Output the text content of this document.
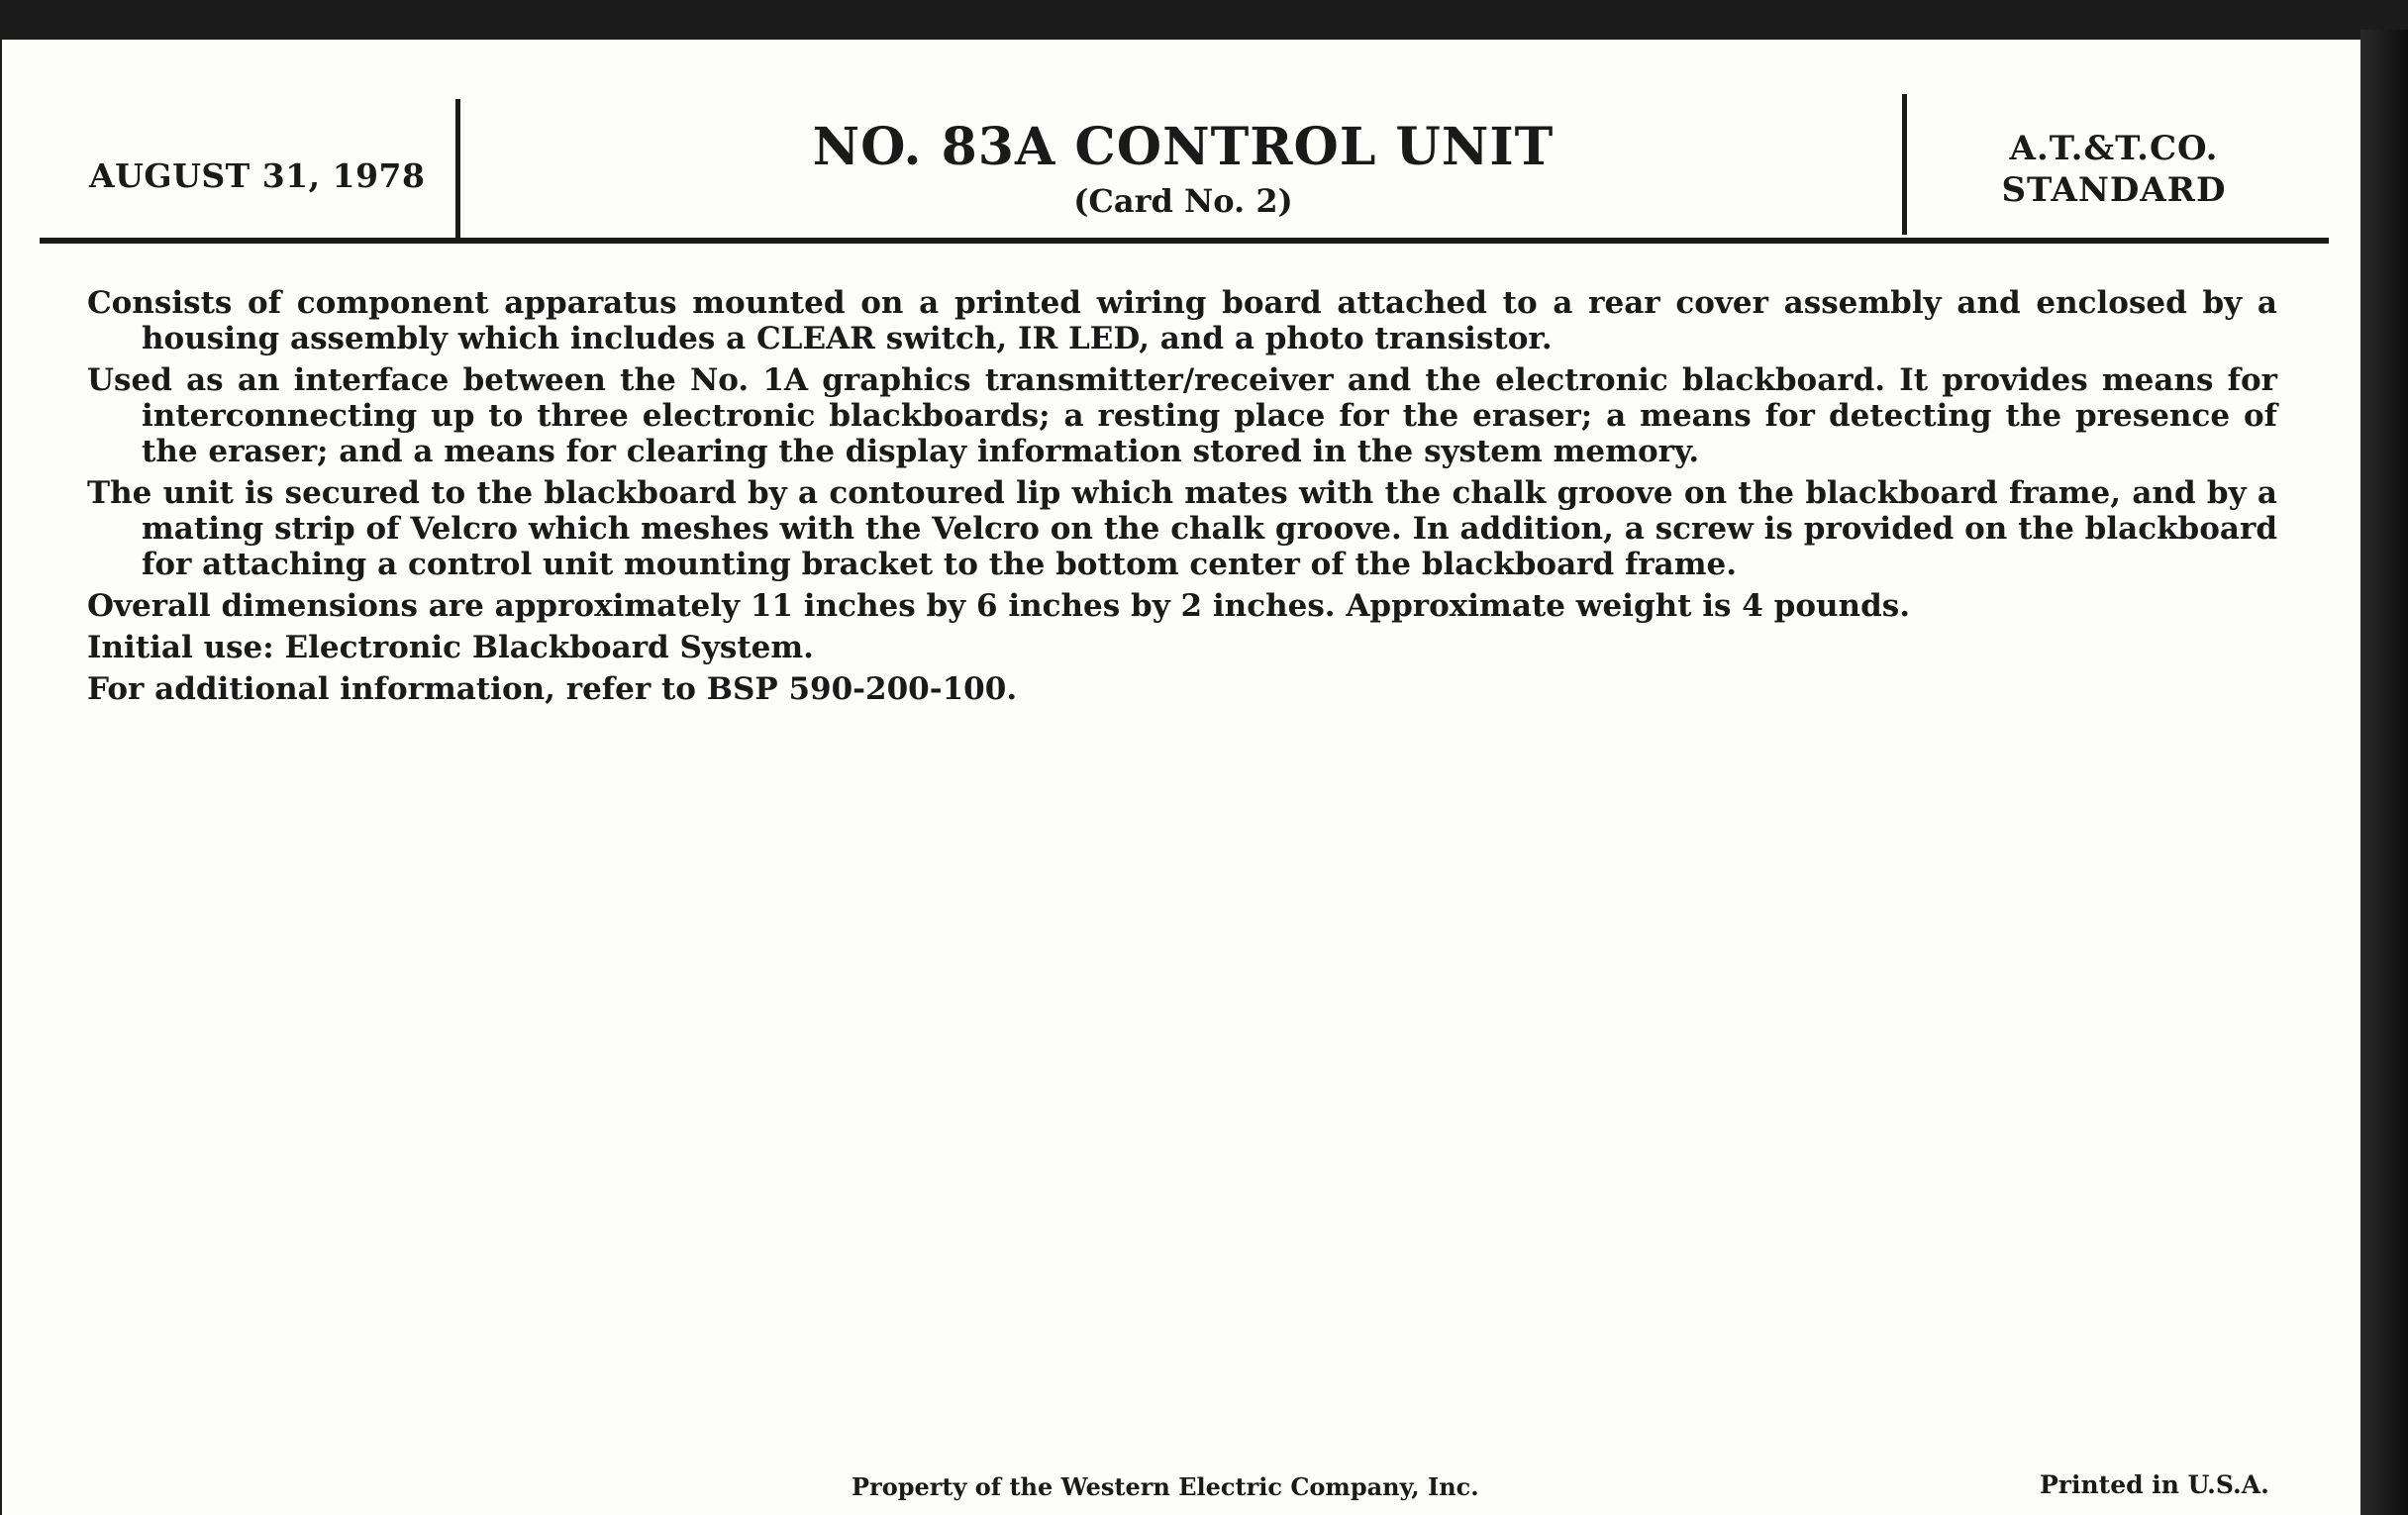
AUGUST 31, 1978	NO. 83A CONTROL UNIT
(Card No. 2)
A.T.&T.CO.
STANDARD

Consists of component apparatus mounted on a printed wiring board attached to a rear cover assembly and enclosed by a housing assembly which includes a CLEAR switch, IR LED, and a photo transistor.

Used as an interface between the No. 1A graphics transmitter/receiver and the electronic blackboard. It provides means for interconnecting up to three electronic blackboards; a resting place for the eraser; a means for detecting the presence of the eraser; and a means for clearing the display information stored in the system memory.

The unit is secured to the blackboard by a contoured lip which mates with the chalk groove on the blackboard frame, and by a mating strip of Velcro which meshes with the Velcro on the chalk groove. In addition, a screw is provided on the blackboard for attaching a control unit mounting bracket to the bottom center of the blackboard frame.

Overall dimensions are approximately 11 inches by 6 inches by 2 inches. Approximate weight is 4 pounds.

Initial use: Electronic Blackboard System.

For additional information, refer to BSP 590-200-100.

Property of the Western Electric Company, Inc.	Printed in U.S.A.
